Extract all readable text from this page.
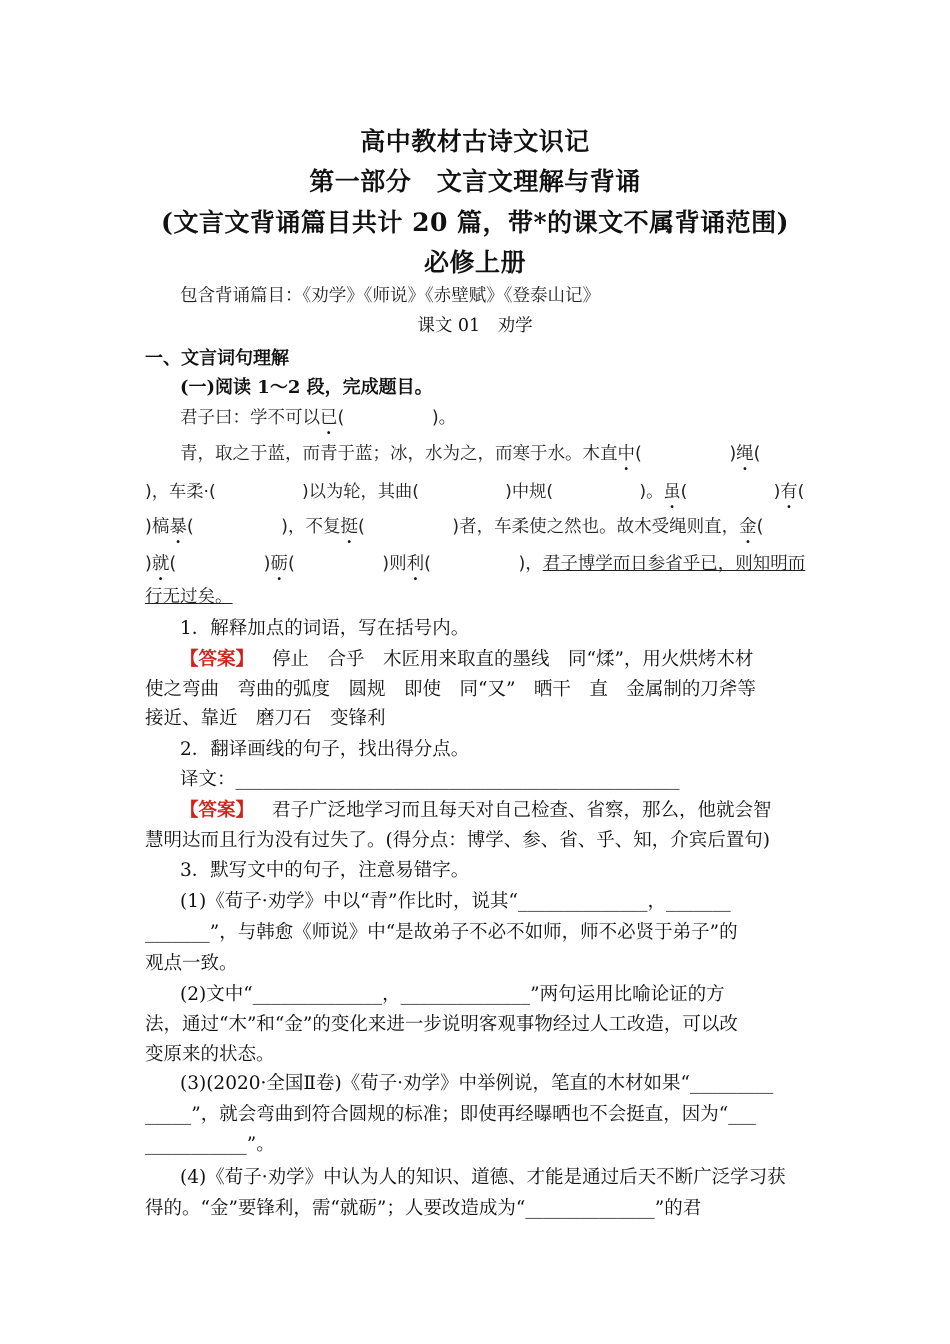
高中教材古诗文识记
第一部分　文言文理解与背诵
(文言文背诵篇目共计 20 篇，带*的课文不属背诵范围)
必修上册
包含背诵篇目：《劝学》《师说》《赤壁赋》《登泰山记》
课文 01　劝学
一、文言词句理解
(一)阅读 1～2 段，完成题目。
君子曰：学不可以已(　　　　　)。
青，取之于蓝，而青于蓝；冰，水为之，而寒于水。木直中(　　　　　)绳(
)，车柔·(　　　　　)以为轮，其曲(　　　　　)中规(　　　　　)。虽(　　　　　)有(
)槁暴(　　　　　)，不复挺(　　　　　)者，车柔使之然也。故木受绳则直，金(
)就(　　　　　)砺(　　　　　)则利(　　　　　)，君子博学而日参省乎已，则知明而
行无过矣。
1．解释加点的词语，写在括号内。
【答案】 停止　合乎　木匠用来取直的墨线　同“煣”，用火烘烤木材
使之弯曲　弯曲的弧度　圆规　即使　同“又”　晒干　直　金属制的刀斧等
接近、靠近　磨刀石　变锋利
2．翻译画线的句子，找出得分点。
译文：________________________________________________
【答案】 君子广泛地学习而且每天对自己检查、省察，那么，他就会智
慧明达而且行为没有过失了。(得分点：博学、参、省、乎、知，介宾后置句)
3．默写文中的句子，注意易错字。
(1)《荀子·劝学》中以“青”作比时，说其“______________，_______
_______”，与韩愈《师说》中“是故弟子不必不如师，师不必贤于弟子”的
观点一致。
(2)文中“______________，______________”两句运用比喻论证的方
法，通过“木”和“金”的变化来进一步说明客观事物经过人工改造，可以改
变原来的状态。
(3)(2020·全国Ⅱ卷)《荀子·劝学》中举例说，笔直的木材如果“_________
_____”，就会弯曲到符合圆规的标准；即使再经曝晒也不会挺直，因为“___
___________”。
(4)《荀子·劝学》中认为人的知识、道德、才能是通过后天不断广泛学习获
得的。“金”要锋利，需“就砺”；人要改造成为“______________”的君
